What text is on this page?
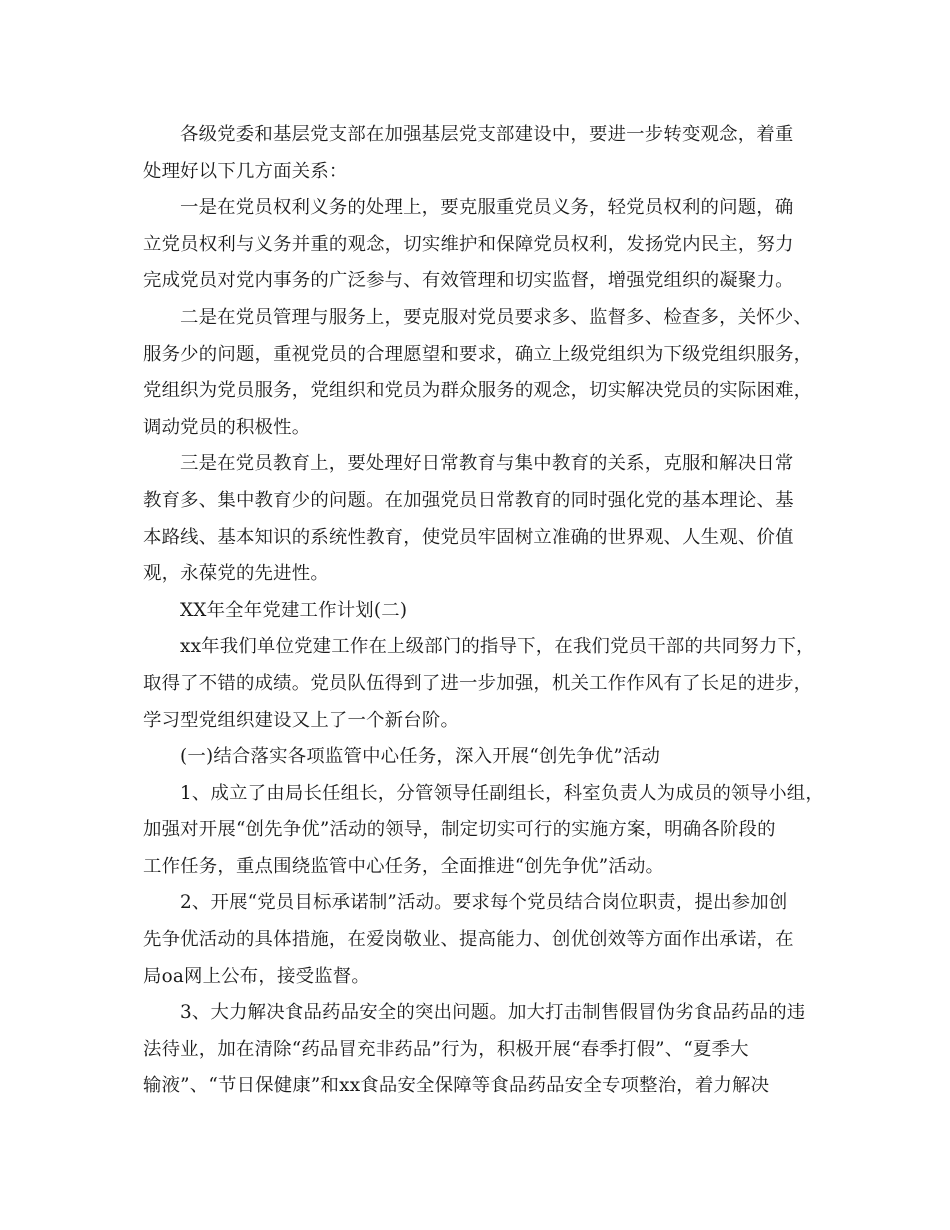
各级党委和基层党支部在加强基层党支部建设中，要进一步转变观念，着重
处理好以下几方面关系：
一是在党员权利义务的处理上，要克服重党员义务，轻党员权利的问题，确
立党员权利与义务并重的观念，切实维护和保障党员权利，发扬党内民主，努力
完成党员对党内事务的广泛参与、有效管理和切实监督，增强党组织的凝聚力。
二是在党员管理与服务上，要克服对党员要求多、监督多、检查多，关怀少、
服务少的问题，重视党员的合理愿望和要求，确立上级党组织为下级党组织服务，
党组织为党员服务，党组织和党员为群众服务的观念，切实解决党员的实际困难，
调动党员的积极性。
三是在党员教育上，要处理好日常教育与集中教育的关系，克服和解决日常
教育多、集中教育少的问题。在加强党员日常教育的同时强化党的基本理论、基
本路线、基本知识的系统性教育，使党员牢固树立准确的世界观、人生观、价值
观，永葆党的先进性。
XX年全年党建工作计划(二)
xx年我们单位党建工作在上级部门的指导下，在我们党员干部的共同努力下，
取得了不错的成绩。党员队伍得到了进一步加强，机关工作作风有了长足的进步，
学习型党组织建设又上了一个新台阶。
(一)结合落实各项监管中心任务，深入开展“创先争优”活动
1、成立了由局长任组长，分管领导任副组长，科室负责人为成员的领导小组，
加强对开展“创先争优”活动的领导，制定切实可行的实施方案，明确各阶段的
工作任务，重点围绕监管中心任务，全面推进“创先争优”活动。
2、开展“党员目标承诺制”活动。要求每个党员结合岗位职责，提出参加创
先争优活动的具体措施，在爱岗敬业、提高能力、创优创效等方面作出承诺，在
局oa网上公布，接受监督。
3、大力解决食品药品安全的突出问题。加大打击制售假冒伪劣食品药品的违
法待业，加在清除“药品冒充非药品”行为，积极开展“春季打假”、“夏季大
输液”、“节日保健康”和xx食品安全保障等食品药品安全专项整治，着力解决
